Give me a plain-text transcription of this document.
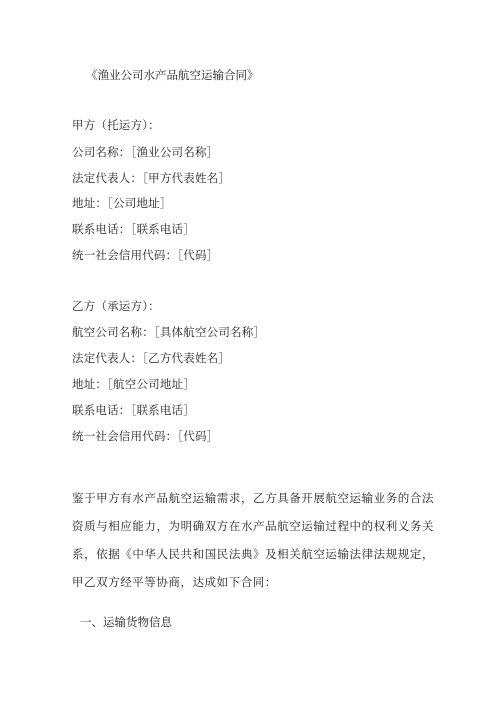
《渔业公司水产品航空运输合同》
甲方（托运方）：
公司名称：［渔业公司名称］
法定代表人：［甲方代表姓名］
地址：［公司地址］
联系电话：［联系电话］
统一社会信用代码：［代码］
乙方（承运方）：
航空公司名称：［具体航空公司名称］
法定代表人：［乙方代表姓名］
地址：［航空公司地址］
联系电话：［联系电话］
统一社会信用代码：［代码］
鉴于甲方有水产品航空运输需求，乙方具备开展航空运输业务的合法资质与相应能力，为明确双方在水产品航空运输过程中的权利义务关系，依据《中华人民共和国民法典》及相关航空运输法律法规规定，甲乙双方经平等协商，达成如下合同：
一、运输货物信息
